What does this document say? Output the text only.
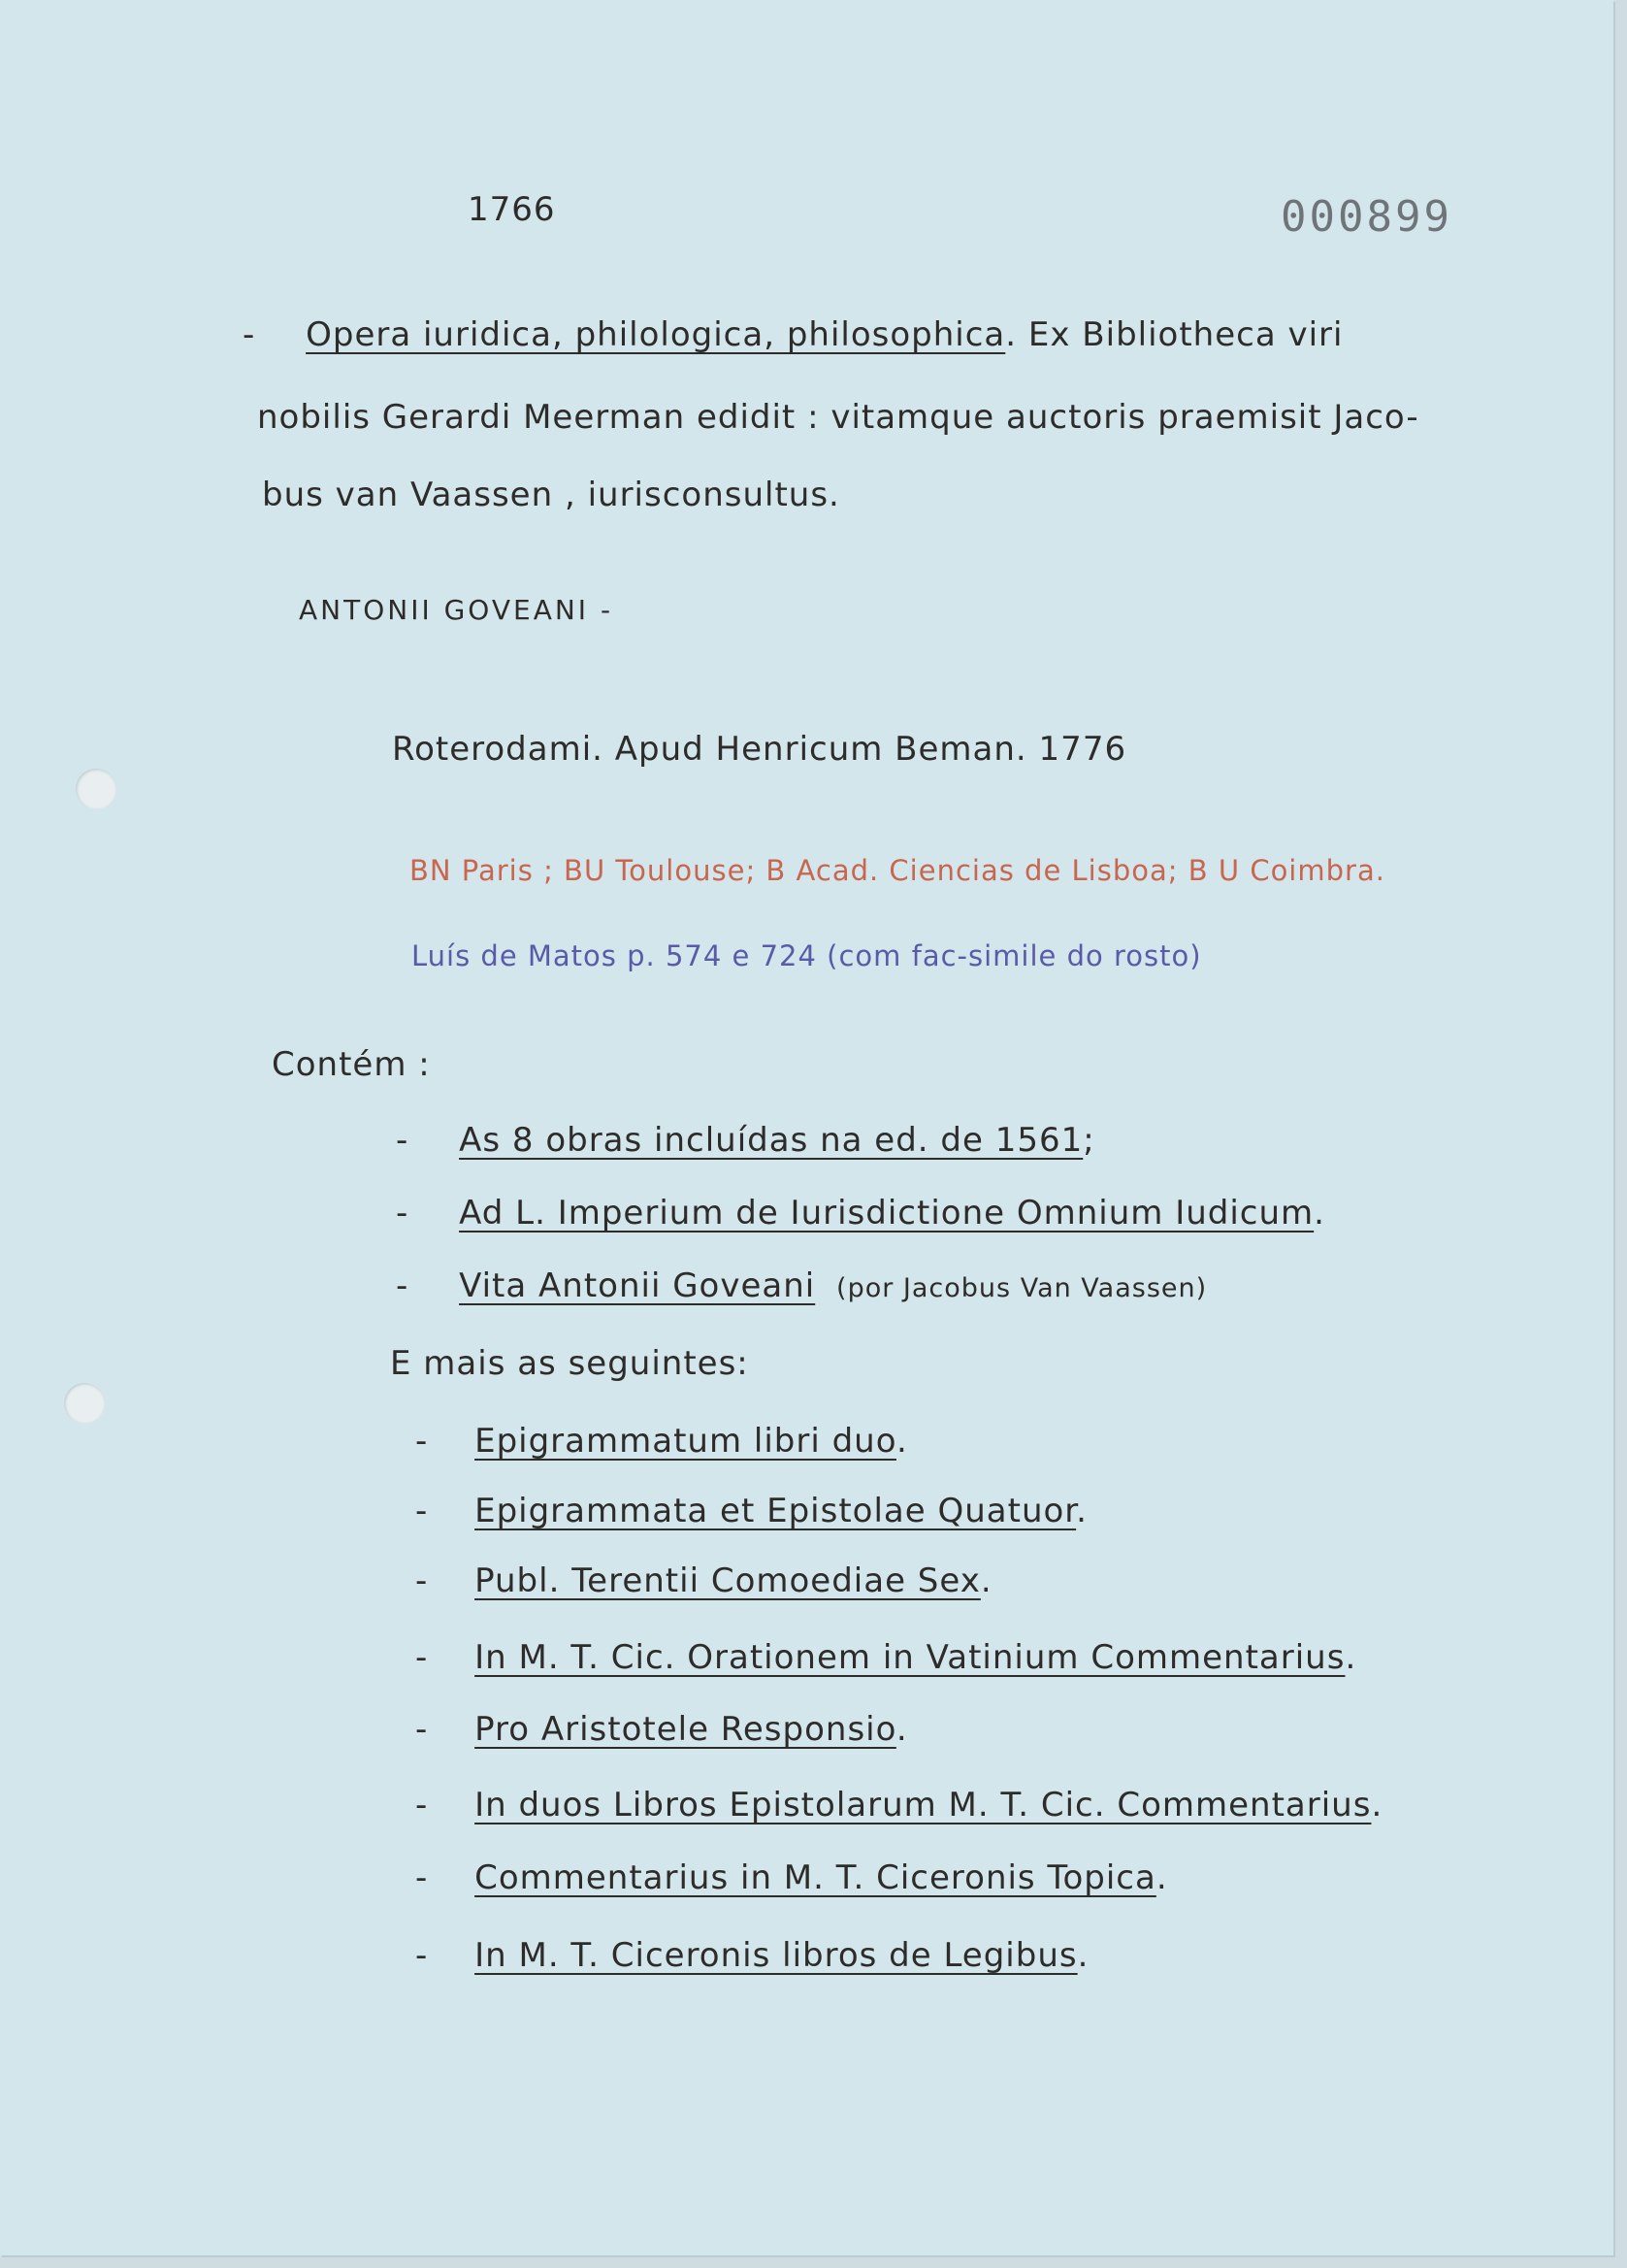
1766	000899
- Opera iuridica, philologica, philosophica. Ex Bibliotheca viri
nobilis Gerardi Meerman edidit : vitamque auctoris praemisit Jaco-
bus van Vaassen , iurisconsultus.
ANTONII GOVEANI -
Roterodami. Apud Henricum Beman. 1776
BN Paris ; BU Toulouse; B Acad. Ciencias de Lisboa; B U Coimbra.
Luís de Matos p. 574 e 724 (com fac-simile do rosto)
Contém :
- As 8 obras incluídas na ed. de 1561;
- Ad L. Imperium de Iurisdictione Omnium Iudicum.
- Vita Antonii Goveani (por Jacobus Van Vaassen)
E mais as seguintes:
- Epigrammatum libri duo.
- Epigrammata et Epistolae Quatuor.
- Publ. Terentii Comoediae Sex.
- In M. T. Cic. Orationem in Vatinium Commentarius.
- Pro Aristotele Responsio.
- In duos Libros Epistolarum M. T. Cic. Commentarius.
- Commentarius in M. T. Ciceronis Topica.
- In M. T. Ciceronis libros de Legibus.
